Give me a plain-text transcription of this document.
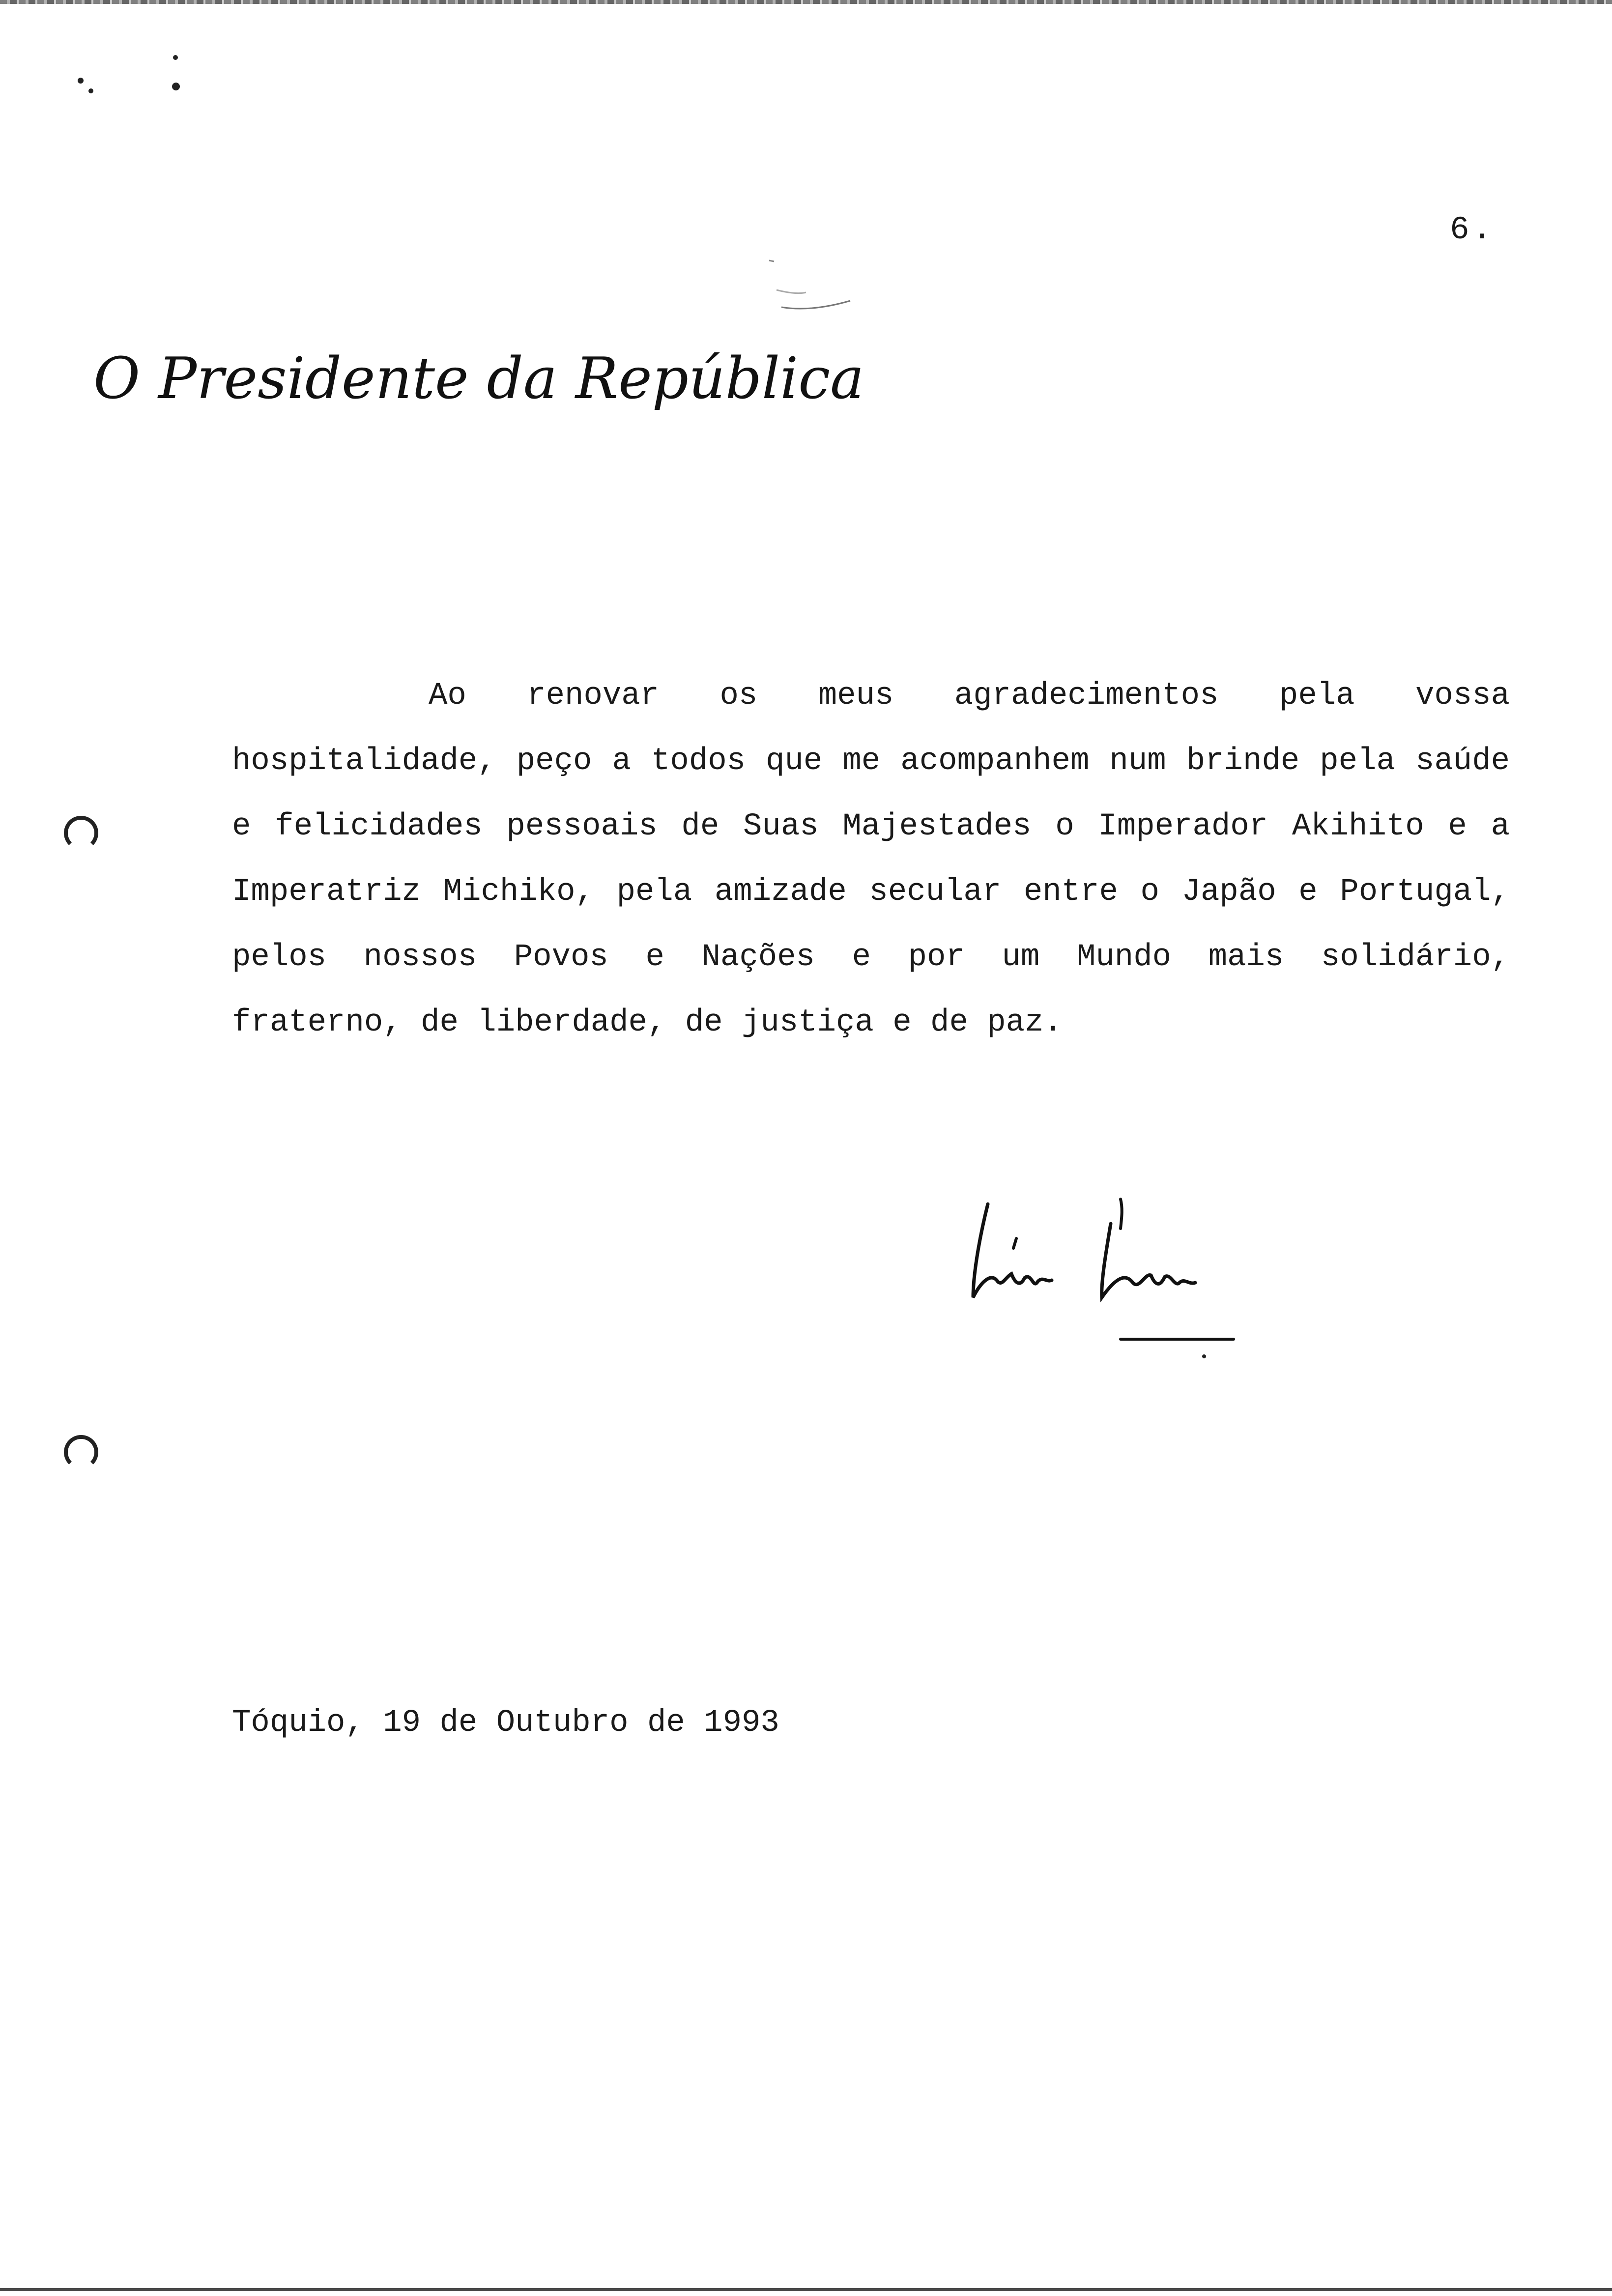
6.
O Presidente da República

Ao renovar os meus agradecimentos pela vossa hospitalidade, peço a todos que me acompanhem num brinde pela saúde e felicidades pessoais de Suas Majestades o Imperador Akihito e a Imperatriz Michiko, pela amizade secular entre o Japão e Portugal, pelos nossos Povos e Nações e por um Mundo mais solidário, fraterno, de liberdade, de justiça e de paz.

Mário Soares
Tóquio, 19 de Outubro de 1993
